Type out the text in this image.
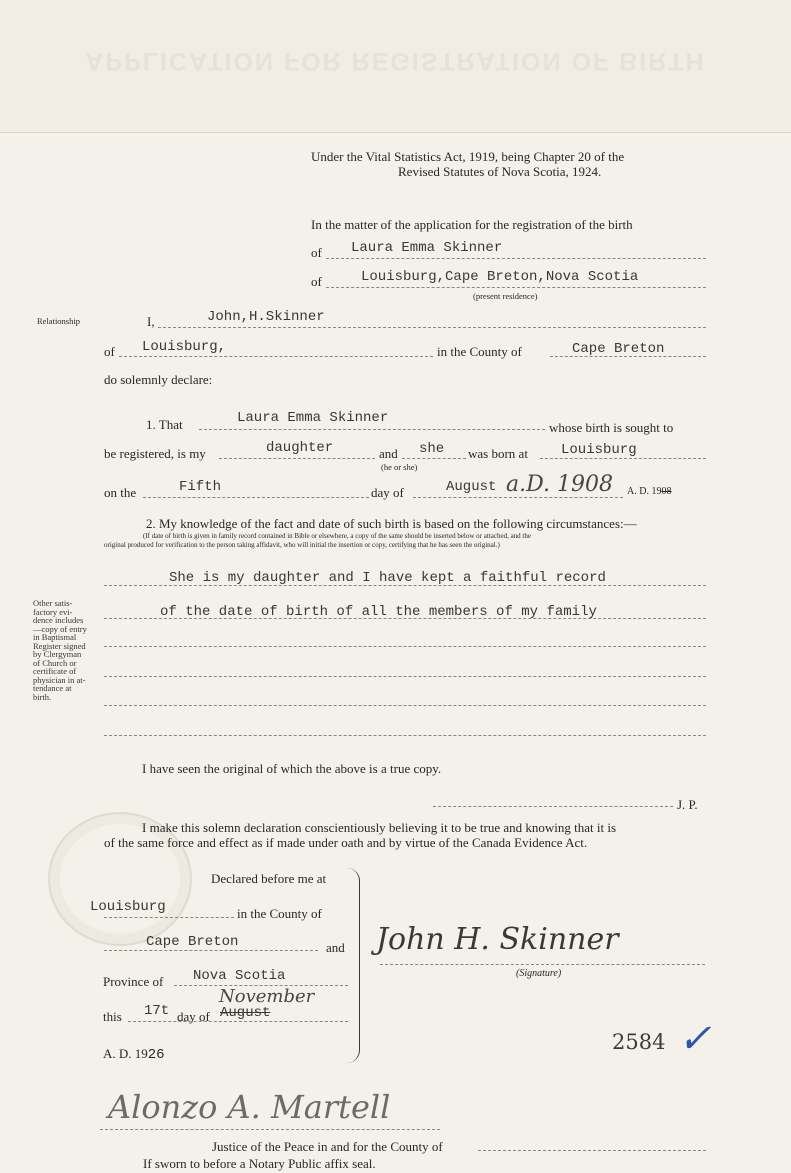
APPLICATION FOR REGISTRATION OF BIRTH
Under the Vital Statistics Act, 1919, being Chapter 20 of the
Revised Statutes of Nova Scotia, 1924.
In the matter of the application for the registration of the birth
of Laura Emma Skinner
of	Louisburg,Cape Breton,Nova Scotia
(present residence)
Relationship	I,	John,H.Skinner
of Louisburg,	in the County of	Cape Breton
do solemnly declare:
1. That	Laura Emma Skinner
whose birth is sought to
be registered, is my	daughter	and she
(he or she)
was born at Louisburg
on the	Fifth	day of	August a.D. 1908 A. D. 1908
2. My knowledge of the fact and date of such birth is based on the following circumstances:—
(If date of birth is given in family record contained in Bible or elsewhere, a copy of the same should be inserted below or attached, and the
original produced for verification to the person taking affidavit, who will initial the insertion or copy, certifying that he has seen the original.)
She is my daughter and I have kept a faithful record
of the date of birth of all the members of my family
Other satis-
factory evi-
dence includes
—copy of entry
in Baptismal
Register signed
by Clergyman
of Church or
certificate of
physician in at-
tendance at
birth.
I have seen the original of which the above is a true copy.
J. P.
I make this solemn declaration conscientiously believing it to be true and knowing that it is
of the same force and effect as if made under oath and by virtue of the Canada Evidence Act.
Declared before me at
Louisburg	in the County of
Cape Breton	and
Province of Nova Scotia
this 17t day of August
November
A. D. 1926
John H. Skinner
(Signature)
2584 ✓
Alonzo A. Martell
Justice of the Peace in and for the County of
If sworn to before a Notary Public affix seal.
